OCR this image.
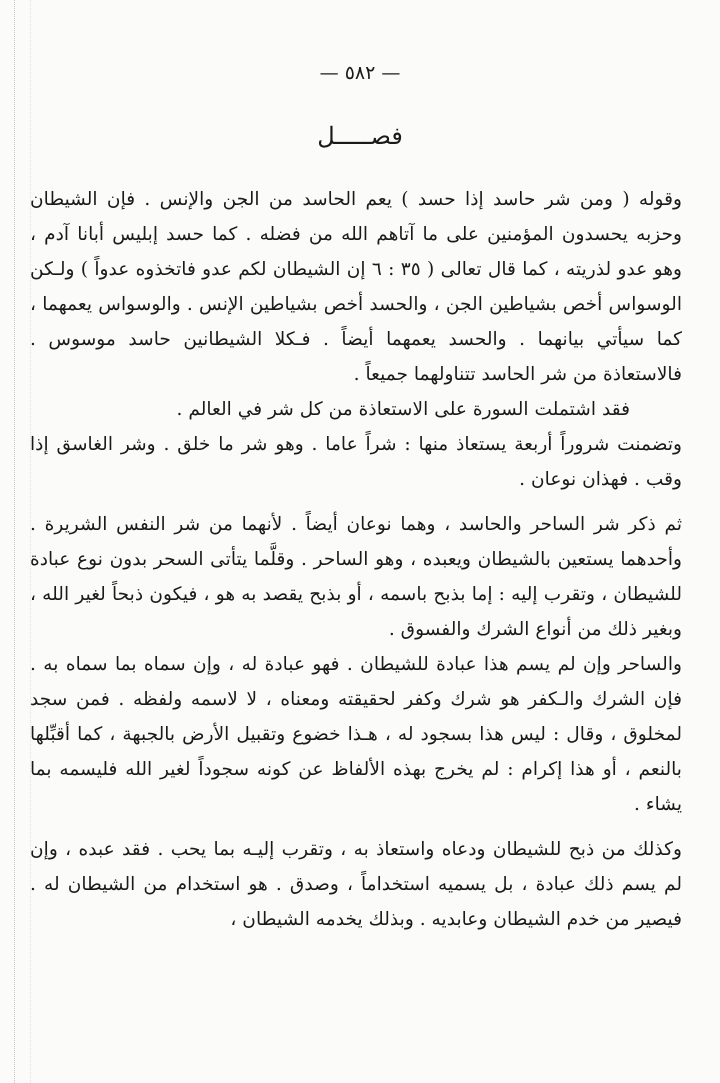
— ٥٨٢ —
فصـــــل

وقوله ( ومن شر حاسد إذا حسد ) يعم الحاسد من الجن والإنس . فإن الشيطان وحزبه يحسدون المؤمنين على ما آتاهم الله من فضله . كما حسد إبليس أبانا آدم ، وهو عدو لذريته ، كما قال تعالى ( ٣٥ : ٦ إن الشيطان لكم عدو فاتخذوه عدواً ) ولـكن الوسواس أخص بشياطين الجن ، والحسد أخص بشياطين الإنس . والوسواس يعمهما ، كما سيأتي بيانهما . والحسد يعمهما أيضاً . فـكلا الشيطانين حاسد موسوس . فالاستعاذة من شر الحاسد تتناولهما جميعاً .

فقد اشتملت السورة على الاستعاذة من كل شر في العالم .

وتضمنت شروراً أربعة يستعاذ منها : شراً عاما . وهو شر ما خلق . وشر الغاسق إذا وقب . فهذان نوعان .

ثم ذكر شر الساحر والحاسد ، وهما نوعان أيضاً . لأنهما من شر النفس الشريرة . وأحدهما يستعين بالشيطان ويعبده ، وهو الساحر . وقلَّما يتأتى السحر بدون نوع عبادة للشيطان ، وتقرب إليه : إما بذبح باسمه ، أو بذبح يقصد به هو ، فيكون ذبحاً لغير الله ، وبغير ذلك من أنواع الشرك والفسوق .

والساحر وإن لم يسم هذا عبادة للشيطان . فهو عبادة له ، وإن سماه بما سماه به . فإن الشرك والـكفر هو شرك وكفر لحقيقته ومعناه ، لا لاسمه ولفظه . فمن سجد لمخلوق ، وقال : ليس هذا بسجود له ، هـذا خضوع وتقبيل الأرض بالجبهة ، كما أقبِّلها بالنعم ، أو هذا إكرام : لم يخرج بهذه الألفاظ عن كونه سجوداً لغير الله فليسمه بما يشاء .

وكذلك من ذبح للشيطان ودعاه واستعاذ به ، وتقرب إليـه بما يحب . فقد عبده ، وإن لم يسم ذلك عبادة ، بل يسميه استخداماً ، وصدق . هو استخدام من الشيطان له . فيصير من خدم الشيطان وعابديه . وبذلك يخدمه الشيطان ،
